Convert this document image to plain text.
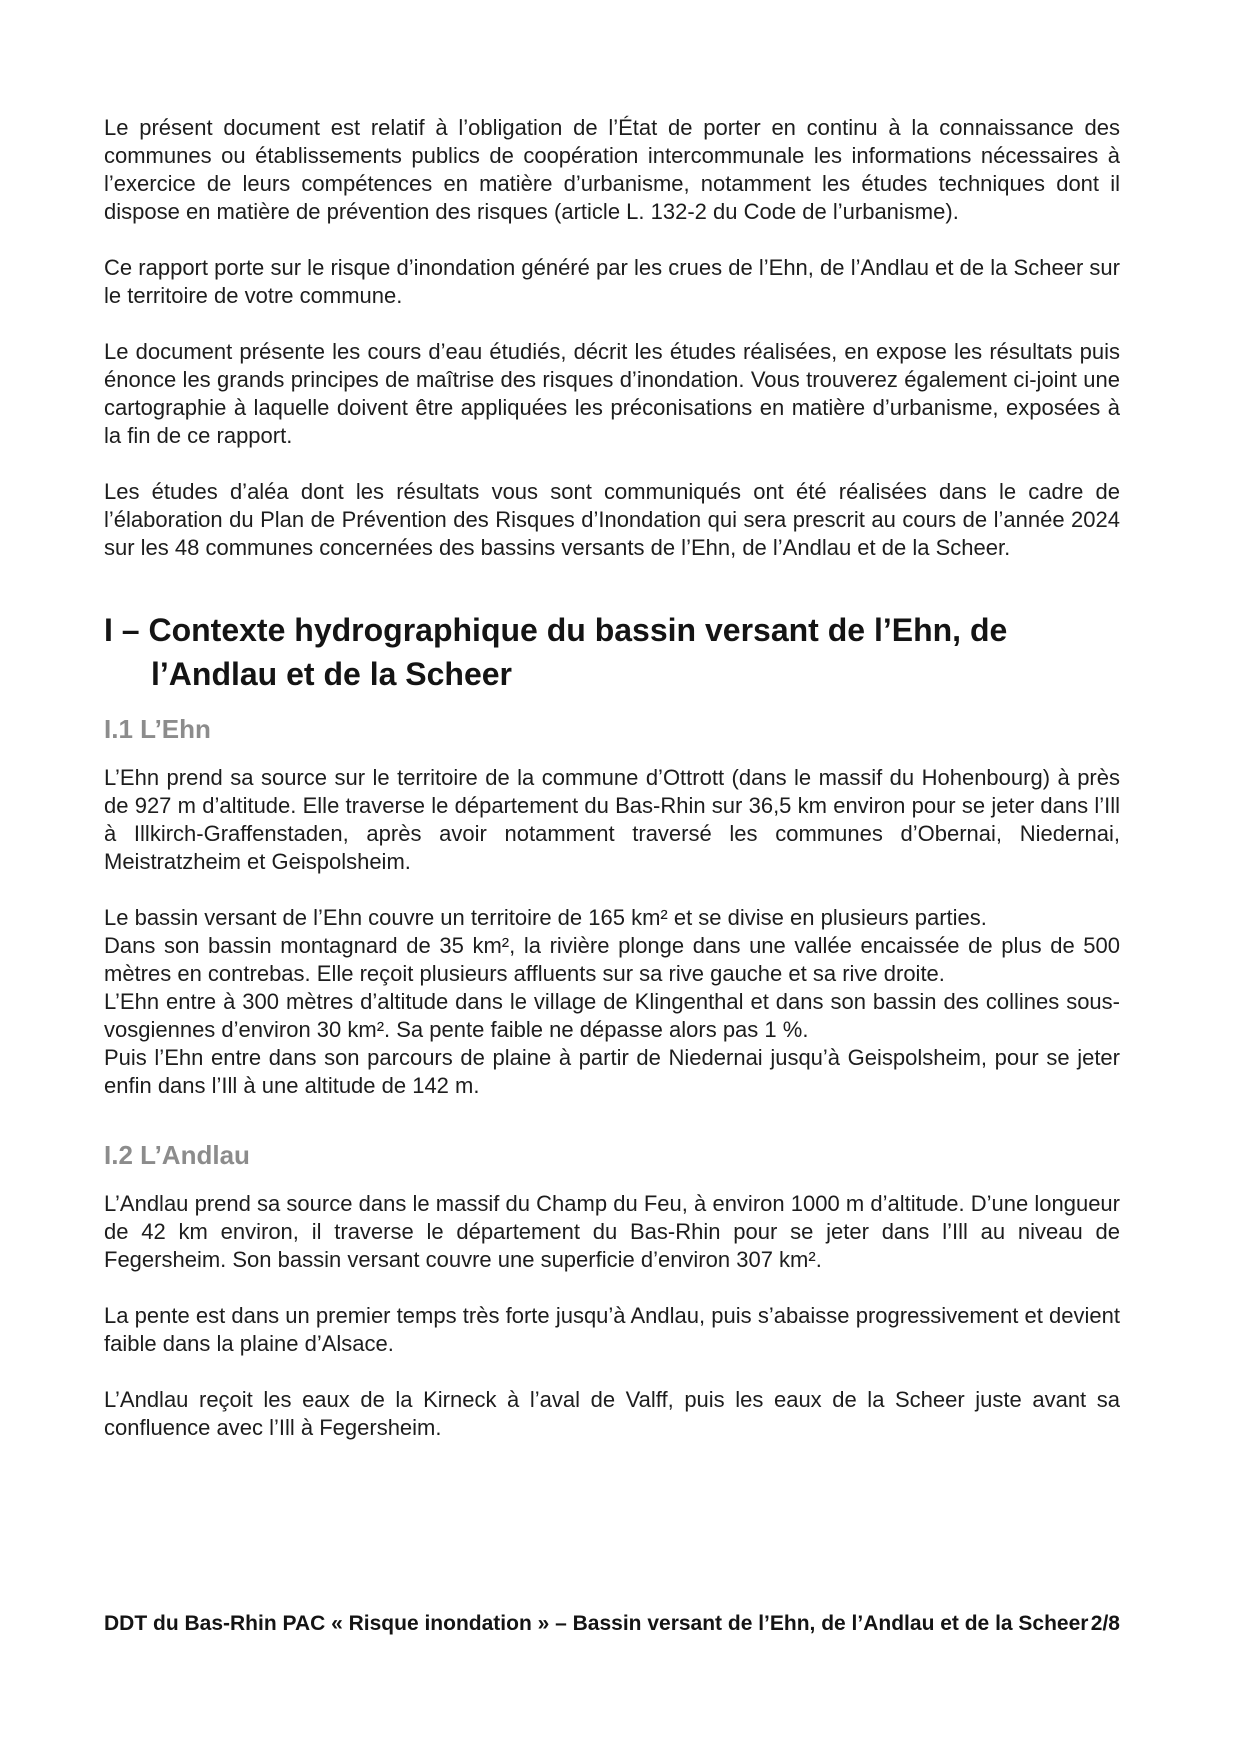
Le présent document est relatif à l’obligation de l’État de porter en continu à la connaissance des communes ou établissements publics de coopération intercommunale les informations nécessaires à l’exercice de leurs compétences en matière d’urbanisme, notamment les études techniques dont il dispose en matière de prévention des risques (article L. 132-2 du Code de l’urbanisme).

Ce rapport porte sur le risque d’inondation généré par les crues de l’Ehn, de l’Andlau et de la Scheer sur le territoire de votre commune.

Le document présente les cours d’eau étudiés, décrit les études réalisées, en expose les résultats puis énonce les grands principes de maîtrise des risques d’inondation. Vous trouverez également ci-joint une cartographie à laquelle doivent être appliquées les préconisations en matière d’urbanisme, exposées à la fin de ce rapport.

Les études d’aléa dont les résultats vous sont communiqués ont été réalisées dans le cadre de l’élaboration du Plan de Prévention des Risques d’Inondation qui sera prescrit au cours de l’année 2024 sur les 48 communes concernées des bassins versants de l’Ehn, de l’Andlau et de la Scheer.

I – Contexte hydrographique du bassin versant de l’Ehn, de
l’Andlau et de la Scheer
I.1 L’Ehn

L’Ehn prend sa source sur le territoire de la commune d’Ottrott (dans le massif du Hohenbourg) à près de 927 m d’altitude. Elle traverse le département du Bas-Rhin sur 36,5 km environ pour se jeter dans l’Ill à Illkirch-Graffenstaden, après avoir notamment traversé les communes d’Obernai, Niedernai, Meistratzheim et Geispolsheim.

Le bassin versant de l’Ehn couvre un territoire de 165 km² et se divise en plusieurs parties.

Dans son bassin montagnard de 35 km², la rivière plonge dans une vallée encaissée de plus de 500 mètres en contrebas. Elle reçoit plusieurs affluents sur sa rive gauche et sa rive droite.

L’Ehn entre à 300 mètres d’altitude dans le village de Klingenthal et dans son bassin des collines sous-vosgiennes d’environ 30 km². Sa pente faible ne dépasse alors pas 1 %.

Puis l’Ehn entre dans son parcours de plaine à partir de Niedernai jusqu’à Geispolsheim, pour se jeter enfin dans l’Ill à une altitude de 142 m.

I.2 L’Andlau

L’Andlau prend sa source dans le massif du Champ du Feu, à environ 1000 m d’altitude. D’une longueur de 42 km environ, il traverse le département du Bas-Rhin pour se jeter dans l’Ill au niveau de Fegersheim. Son bassin versant couvre une superficie d’environ 307 km².

La pente est dans un premier temps très forte jusqu’à Andlau, puis s’abaisse progressivement et devient faible dans la plaine d’Alsace.

L’Andlau reçoit les eaux de la Kirneck à l’aval de Valff, puis les eaux de la Scheer juste avant sa confluence avec l’Ill à Fegersheim.

DDT du Bas-Rhin PAC « Risque inondation » – Bassin versant de l’Ehn, de l’Andlau et de la Scheer 2/8
